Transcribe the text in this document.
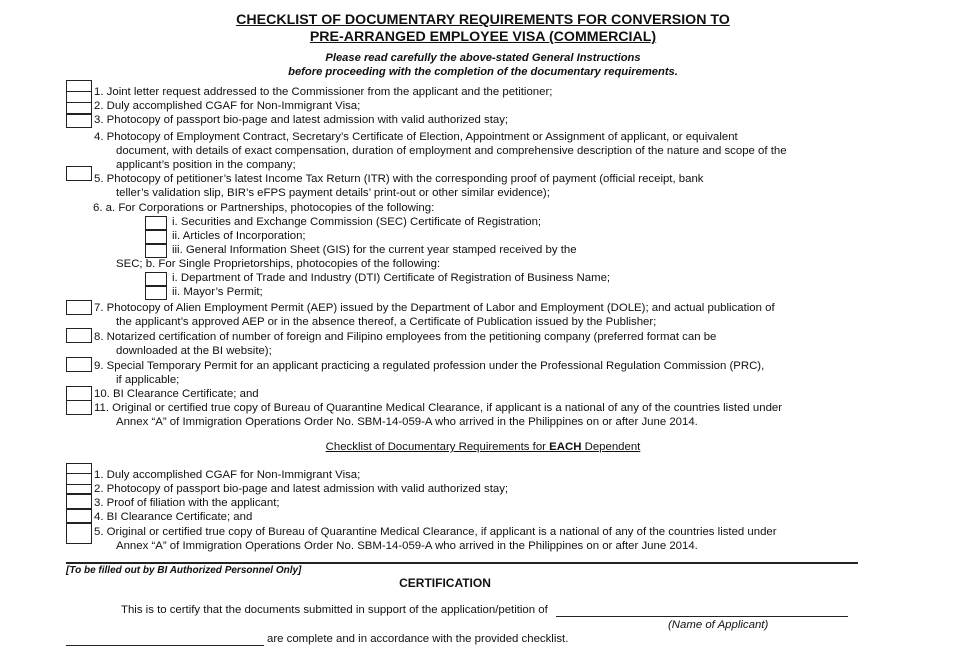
CHECKLIST OF DOCUMENTARY REQUIREMENTS FOR CONVERSION TO
PRE-ARRANGED EMPLOYEE VISA (COMMERCIAL)
Please read carefully the above-stated General Instructions
before proceeding with the completion of the documentary requirements.
1. Joint letter request addressed to the Commissioner from the applicant and the petitioner;
2. Duly accomplished CGAF for Non-Immigrant Visa;
3. Photocopy of passport bio-page and latest admission with valid authorized stay;
4. Photocopy of Employment Contract, Secretary’s Certificate of Election, Appointment or Assignment of applicant, or equivalent
document, with details of exact compensation, duration of employment and comprehensive description of the nature and scope of the
applicant’s position in the company;
5. Photocopy of petitioner’s latest Income Tax Return (ITR) with the corresponding proof of payment (official receipt, bank
teller’s validation slip, BIR’s eFPS payment details’ print-out or other similar evidence);
6. a. For Corporations or Partnerships, photocopies of the following:
i. Securities and Exchange Commission (SEC) Certificate of Registration;
ii. Articles of Incorporation;
iii. General Information Sheet (GIS) for the current year stamped received by the
SEC; b. For Single Proprietorships, photocopies of the following:
i. Department of Trade and Industry (DTI) Certificate of Registration of Business Name;
ii. Mayor’s Permit;
7. Photocopy of Alien Employment Permit (AEP) issued by the Department of Labor and Employment (DOLE); and actual publication of
the applicant’s approved AEP or in the absence thereof, a Certificate of Publication issued by the Publisher;
8. Notarized certification of number of foreign and Filipino employees from the petitioning company (preferred format can be
downloaded at the BI website);
9. Special Temporary Permit for an applicant practicing a regulated profession under the Professional Regulation Commission (PRC),
if applicable;
10. BI Clearance Certificate; and
11. Original or certified true copy of Bureau of Quarantine Medical Clearance, if applicant is a national of any of the countries listed under
Annex “A” of Immigration Operations Order No. SBM-14-059-A who arrived in the Philippines on or after June 2014.
Checklist of Documentary Requirements for EACH Dependent
1. Duly accomplished CGAF for Non-Immigrant Visa;
2. Photocopy of passport bio-page and latest admission with valid authorized stay;
3. Proof of filiation with the applicant;
4. BI Clearance Certificate; and
5. Original or certified true copy of Bureau of Quarantine Medical Clearance, if applicant is a national of any of the countries listed under
Annex “A” of Immigration Operations Order No. SBM-14-059-A who arrived in the Philippines on or after June 2014.
[To be filled out by BI Authorized Personnel Only]
CERTIFICATION
This is to certify that the documents submitted in support of the application/petition of
(Name of Applicant)
are complete and in accordance with the provided checklist.
